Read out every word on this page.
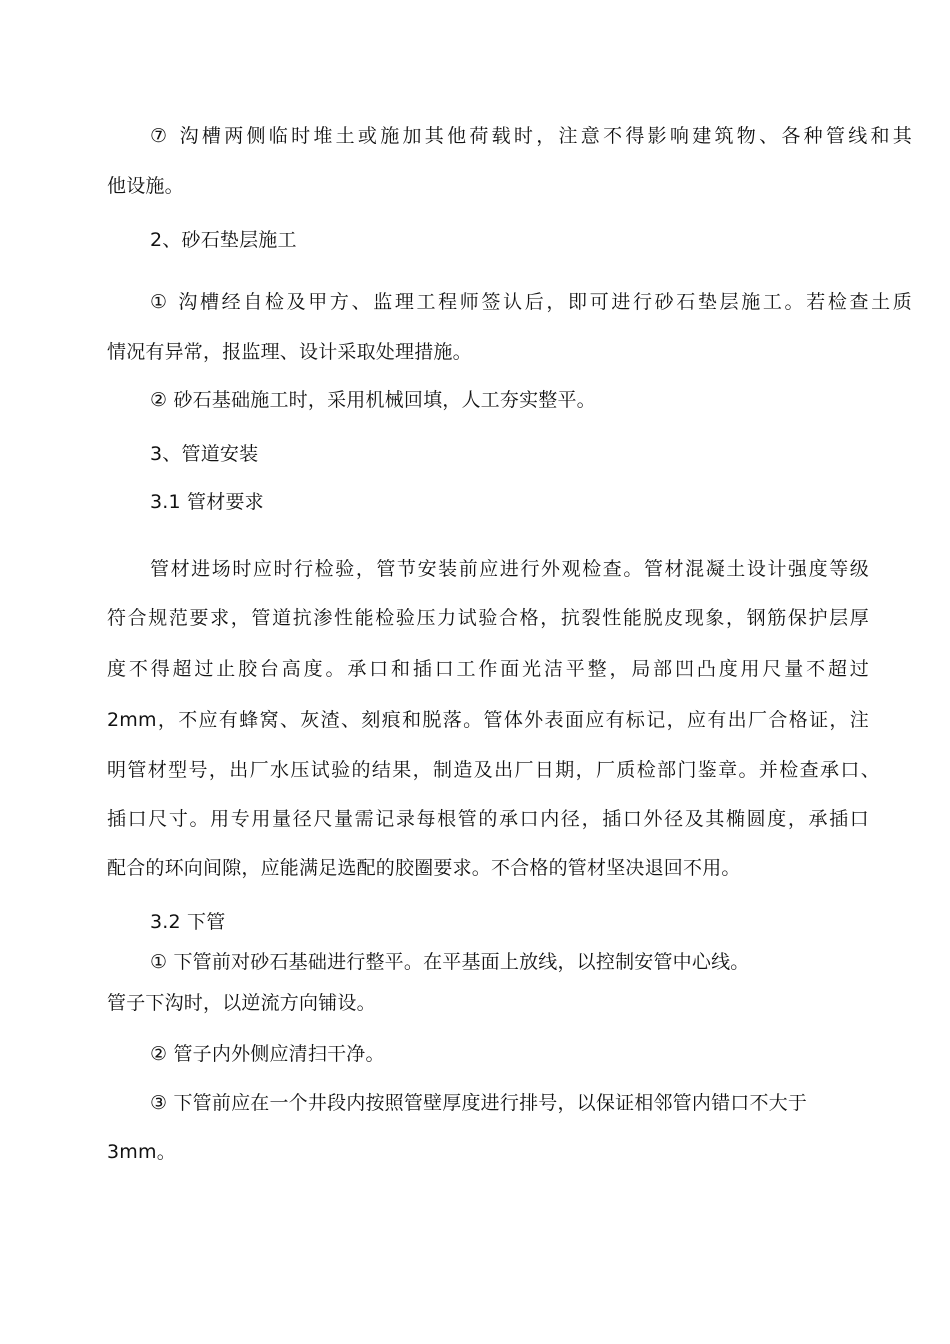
⑦ 沟槽两侧临时堆土或施加其他荷载时，注意不得影响建筑物、各种管线和其
他设施。
2、砂石垫层施工
① 沟槽经自检及甲方、监理工程师签认后，即可进行砂石垫层施工。若检查土质
情况有异常，报监理、设计采取处理措施。
② 砂石基础施工时，采用机械回填，人工夯实整平。
3、管道安装
3.1 管材要求
管材进场时应时行检验，管节安装前应进行外观检查。管材混凝土设计强度等级
符合规范要求，管道抗渗性能检验压力试验合格，抗裂性能脱皮现象，钢筋保护层厚
度不得超过止胶台高度。承口和插口工作面光洁平整，局部凹凸度用尺量不超过
2mm，不应有蜂窝、灰渣、刻痕和脱落。管体外表面应有标记，应有出厂合格证，注
明管材型号，出厂水压试验的结果，制造及出厂日期，厂质检部门鉴章。并检查承口、
插口尺寸。用专用量径尺量需记录每根管的承口内径，插口外径及其椭圆度，承插口
配合的环向间隙，应能满足选配的胶圈要求。不合格的管材坚决退回不用。
3.2 下管
① 下管前对砂石基础进行整平。在平基面上放线，以控制安管中心线。
管子下沟时，以逆流方向铺设。
② 管子内外侧应清扫干净。
③ 下管前应在一个井段内按照管壁厚度进行排号，以保证相邻管内错口不大于
3mm。
